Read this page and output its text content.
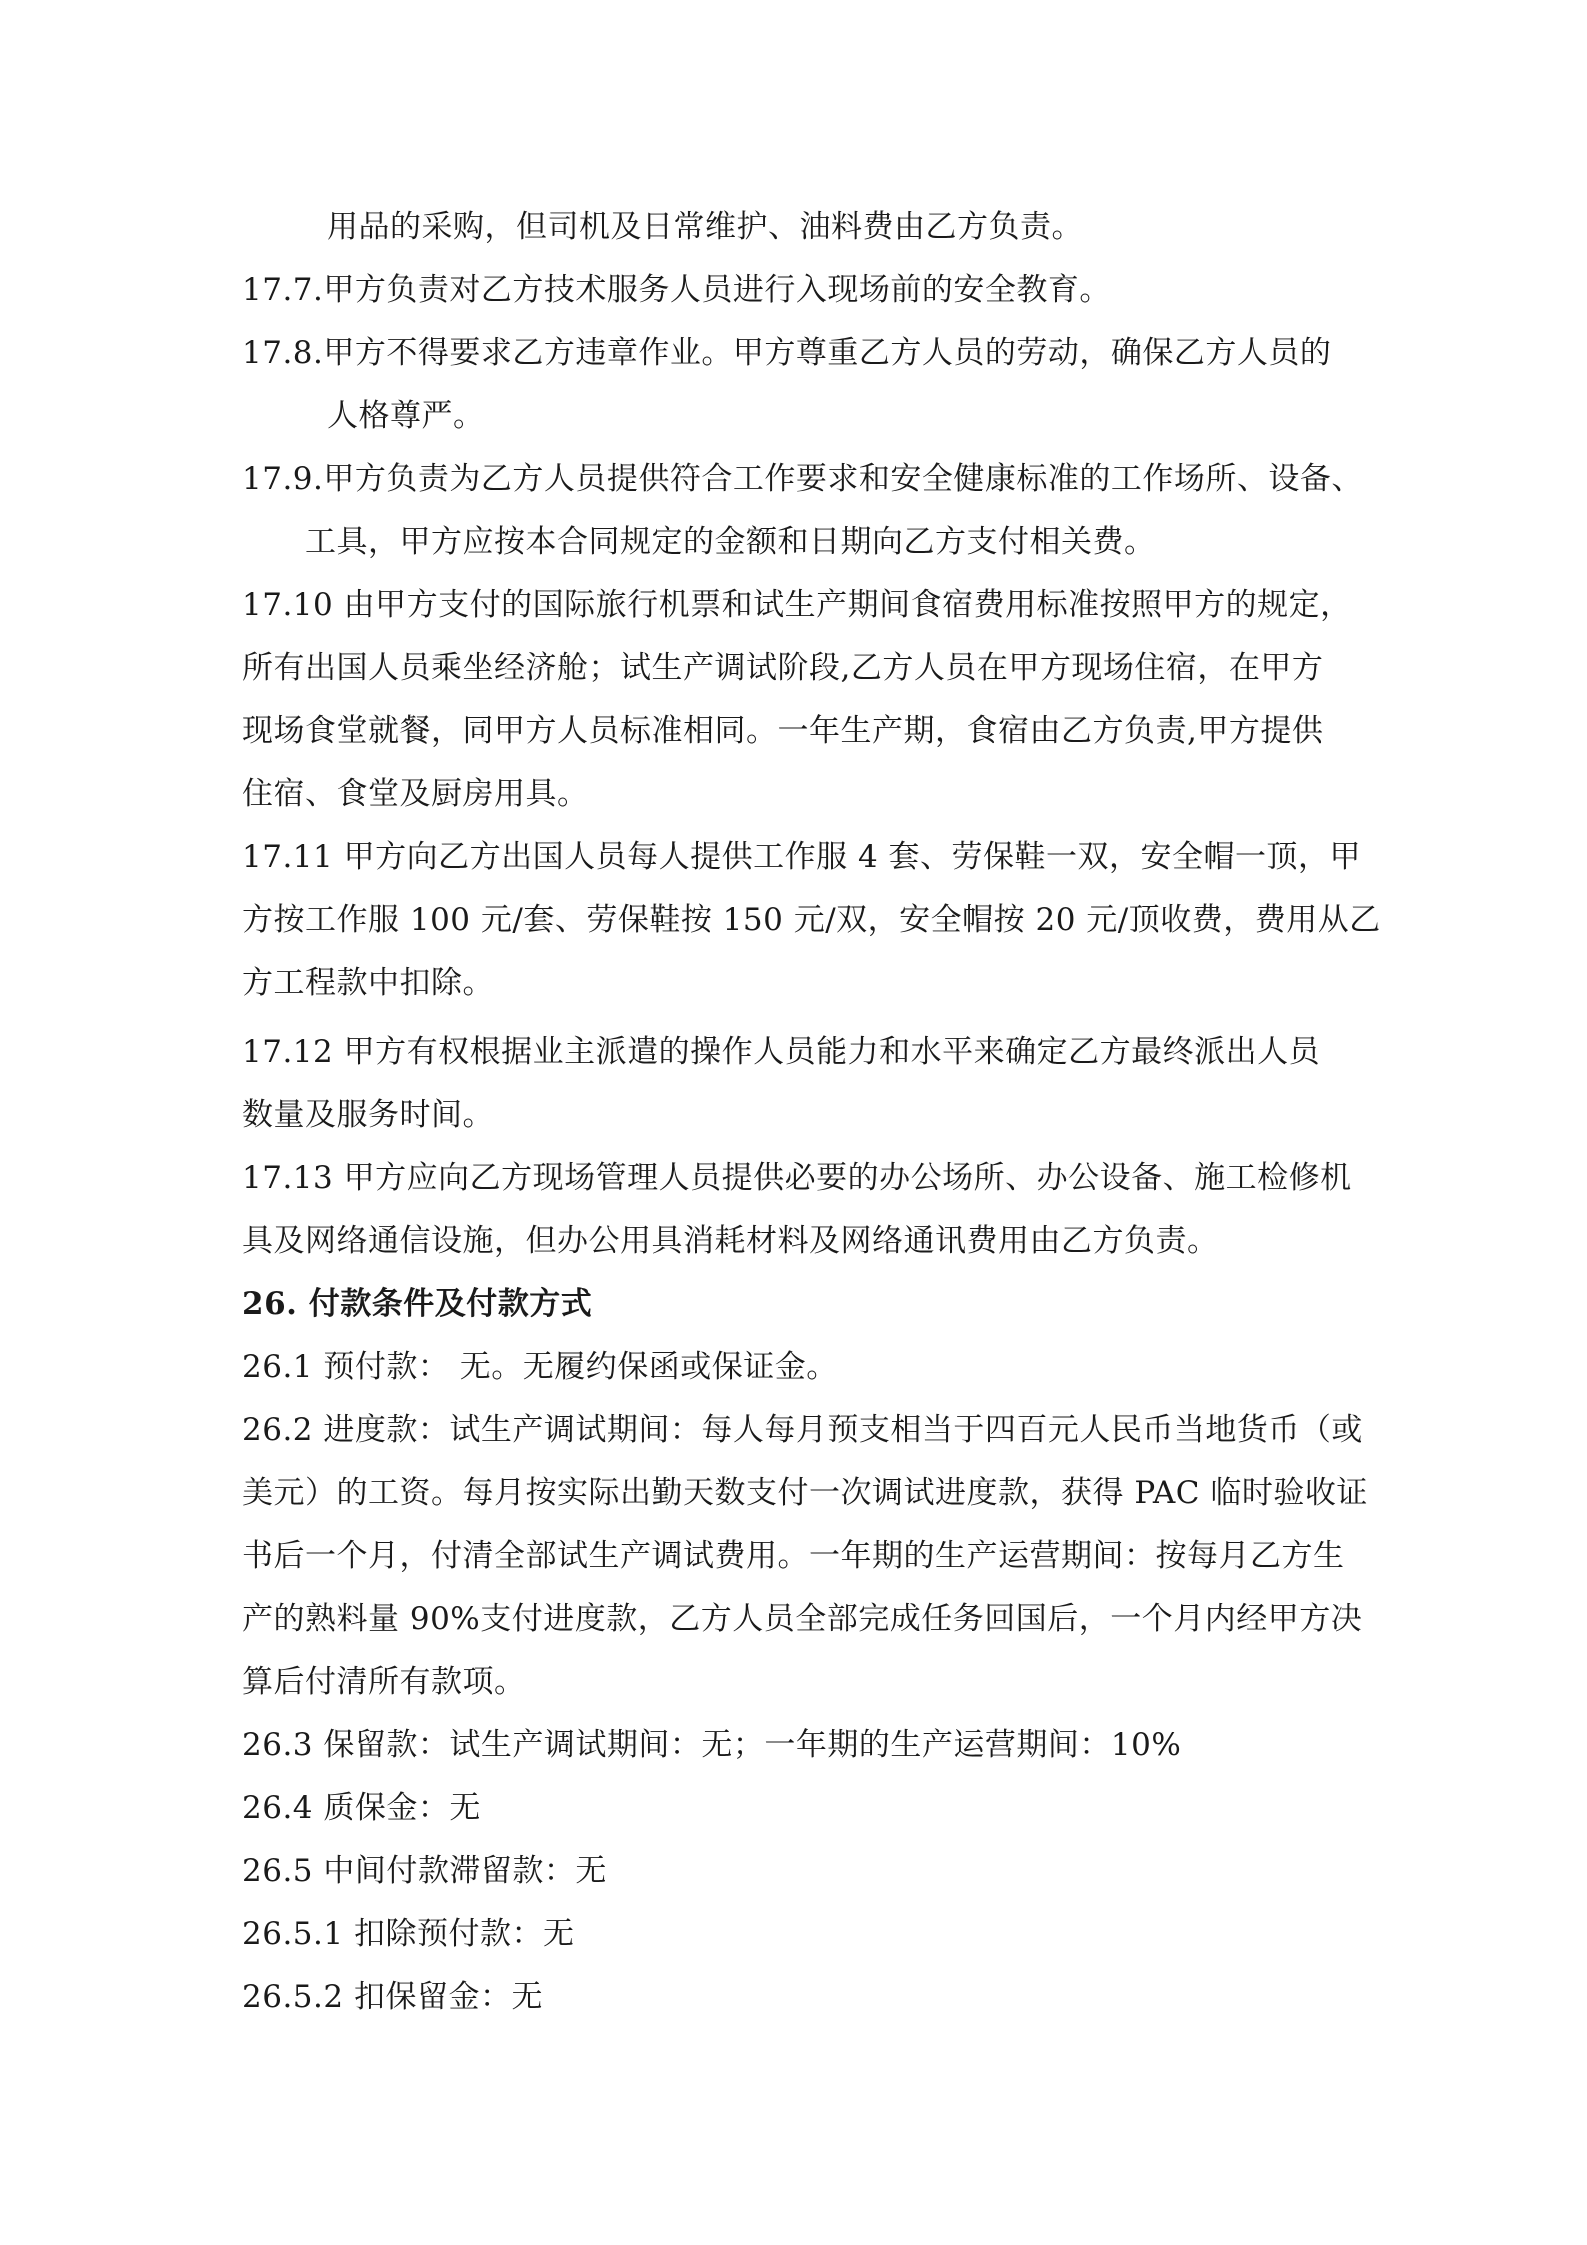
用品的采购，但司机及日常维护、油料费由乙方负责。
17.7.甲方负责对乙方技术服务人员进行入现场前的安全教育。
17.8.甲方不得要求乙方违章作业。甲方尊重乙方人员的劳动，确保乙方人员的
人格尊严。
17.9.甲方负责为乙方人员提供符合工作要求和安全健康标准的工作场所、设备、
工具，甲方应按本合同规定的金额和日期向乙方支付相关费。
17.10 由甲方支付的国际旅行机票和试生产期间食宿费用标准按照甲方的规定，
所有出国人员乘坐经济舱；试生产调试阶段,乙方人员在甲方现场住宿，在甲方
现场食堂就餐，同甲方人员标准相同。一年生产期，食宿由乙方负责,甲方提供
住宿、食堂及厨房用具。
17.11 甲方向乙方出国人员每人提供工作服 4 套、劳保鞋一双，安全帽一顶，甲
方按工作服 100 元/套、劳保鞋按 150 元/双，安全帽按 20 元/顶收费，费用从乙
方工程款中扣除。
17.12 甲方有权根据业主派遣的操作人员能力和水平来确定乙方最终派出人员
数量及服务时间。
17.13 甲方应向乙方现场管理人员提供必要的办公场所、办公设备、施工检修机
具及网络通信设施，但办公用具消耗材料及网络通讯费用由乙方负责。
26. 付款条件及付款方式
26.1 预付款： 无。无履约保函或保证金。
26.2 进度款：试生产调试期间：每人每月预支相当于四百元人民币当地货币（或
美元）的工资。每月按实际出勤天数支付一次调试进度款，获得 PAC 临时验收证
书后一个月，付清全部试生产调试费用。一年期的生产运营期间：按每月乙方生
产的熟料量 90%支付进度款，乙方人员全部完成任务回国后，一个月内经甲方决
算后付清所有款项。
26.3 保留款：试生产调试期间：无；一年期的生产运营期间：10%
26.4 质保金：无
26.5 中间付款滞留款：无
26.5.1 扣除预付款：无
26.5.2 扣保留金：无
